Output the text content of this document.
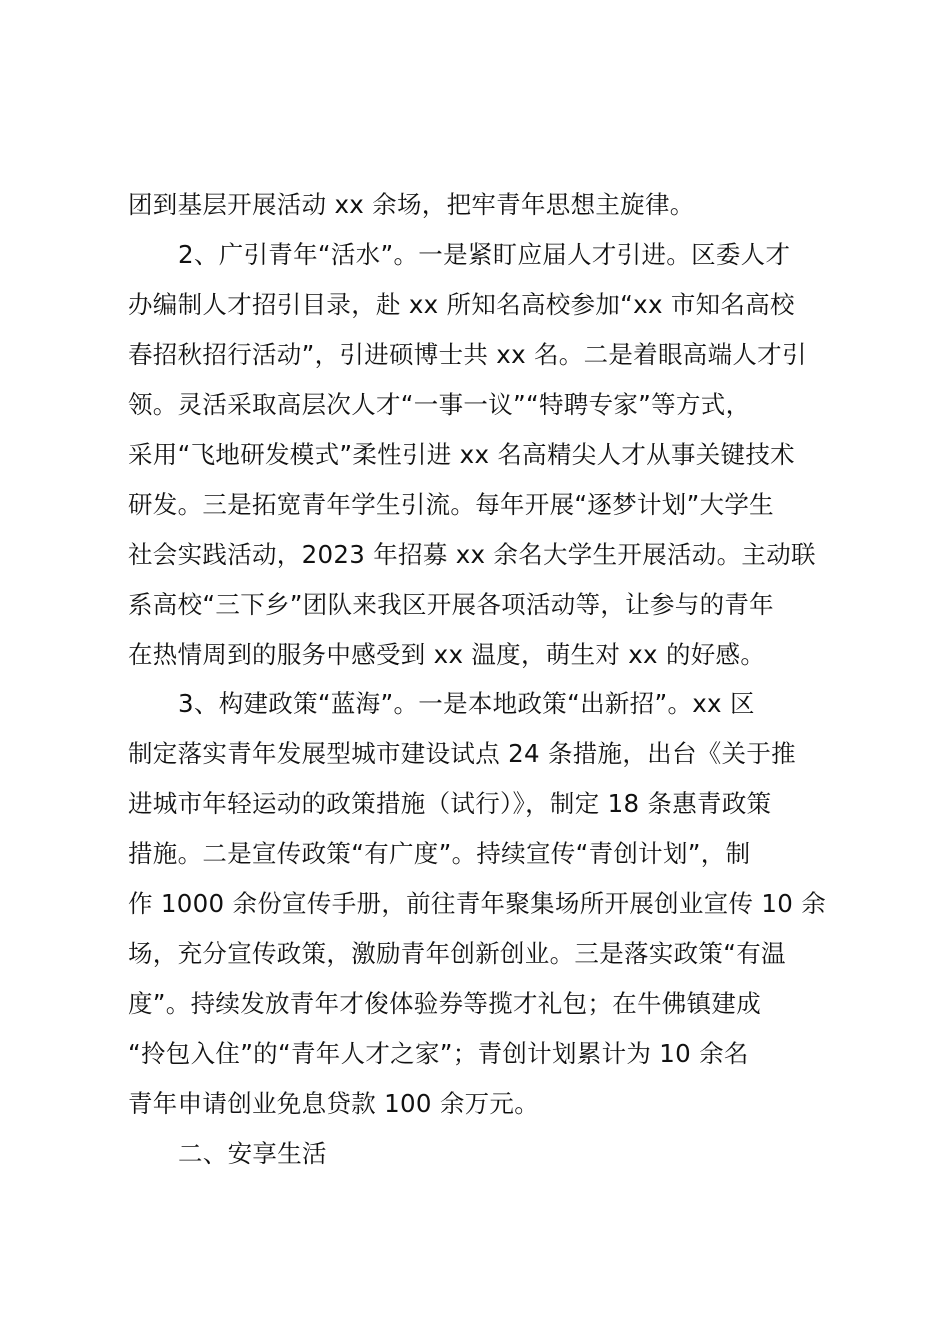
团到基层开展活动 xx 余场，把牢青年思想主旋律。
2、广引青年“活水”。一是紧盯应届人才引进。区委人才
办编制人才招引目录，赴 xx 所知名高校参加“xx 市知名高校
春招秋招行活动”，引进硕博士共 xx 名。二是着眼高端人才引
领。灵活采取高层次人才“一事一议”“特聘专家”等方式，
采用“飞地研发模式”柔性引进 xx 名高精尖人才从事关键技术
研发。三是拓宽青年学生引流。每年开展“逐梦计划”大学生
社会实践活动，2023 年招募 xx 余名大学生开展活动。主动联
系高校“三下乡”团队来我区开展各项活动等，让参与的青年
在热情周到的服务中感受到 xx 温度，萌生对 xx 的好感。
3、构建政策“蓝海”。一是本地政策“出新招”。xx 区
制定落实青年发展型城市建设试点 24 条措施，出台《关于推
进城市年轻运动的政策措施（试行）》，制定 18 条惠青政策
措施。二是宣传政策“有广度”。持续宣传“青创计划”，制
作 1000 余份宣传手册，前往青年聚集场所开展创业宣传 10 余
场，充分宣传政策，激励青年创新创业。三是落实政策“有温
度”。持续发放青年才俊体验券等揽才礼包；在牛佛镇建成
“拎包入住”的“青年人才之家”；青创计划累计为 10 余名
青年申请创业免息贷款 100 余万元。
二、安享生活
